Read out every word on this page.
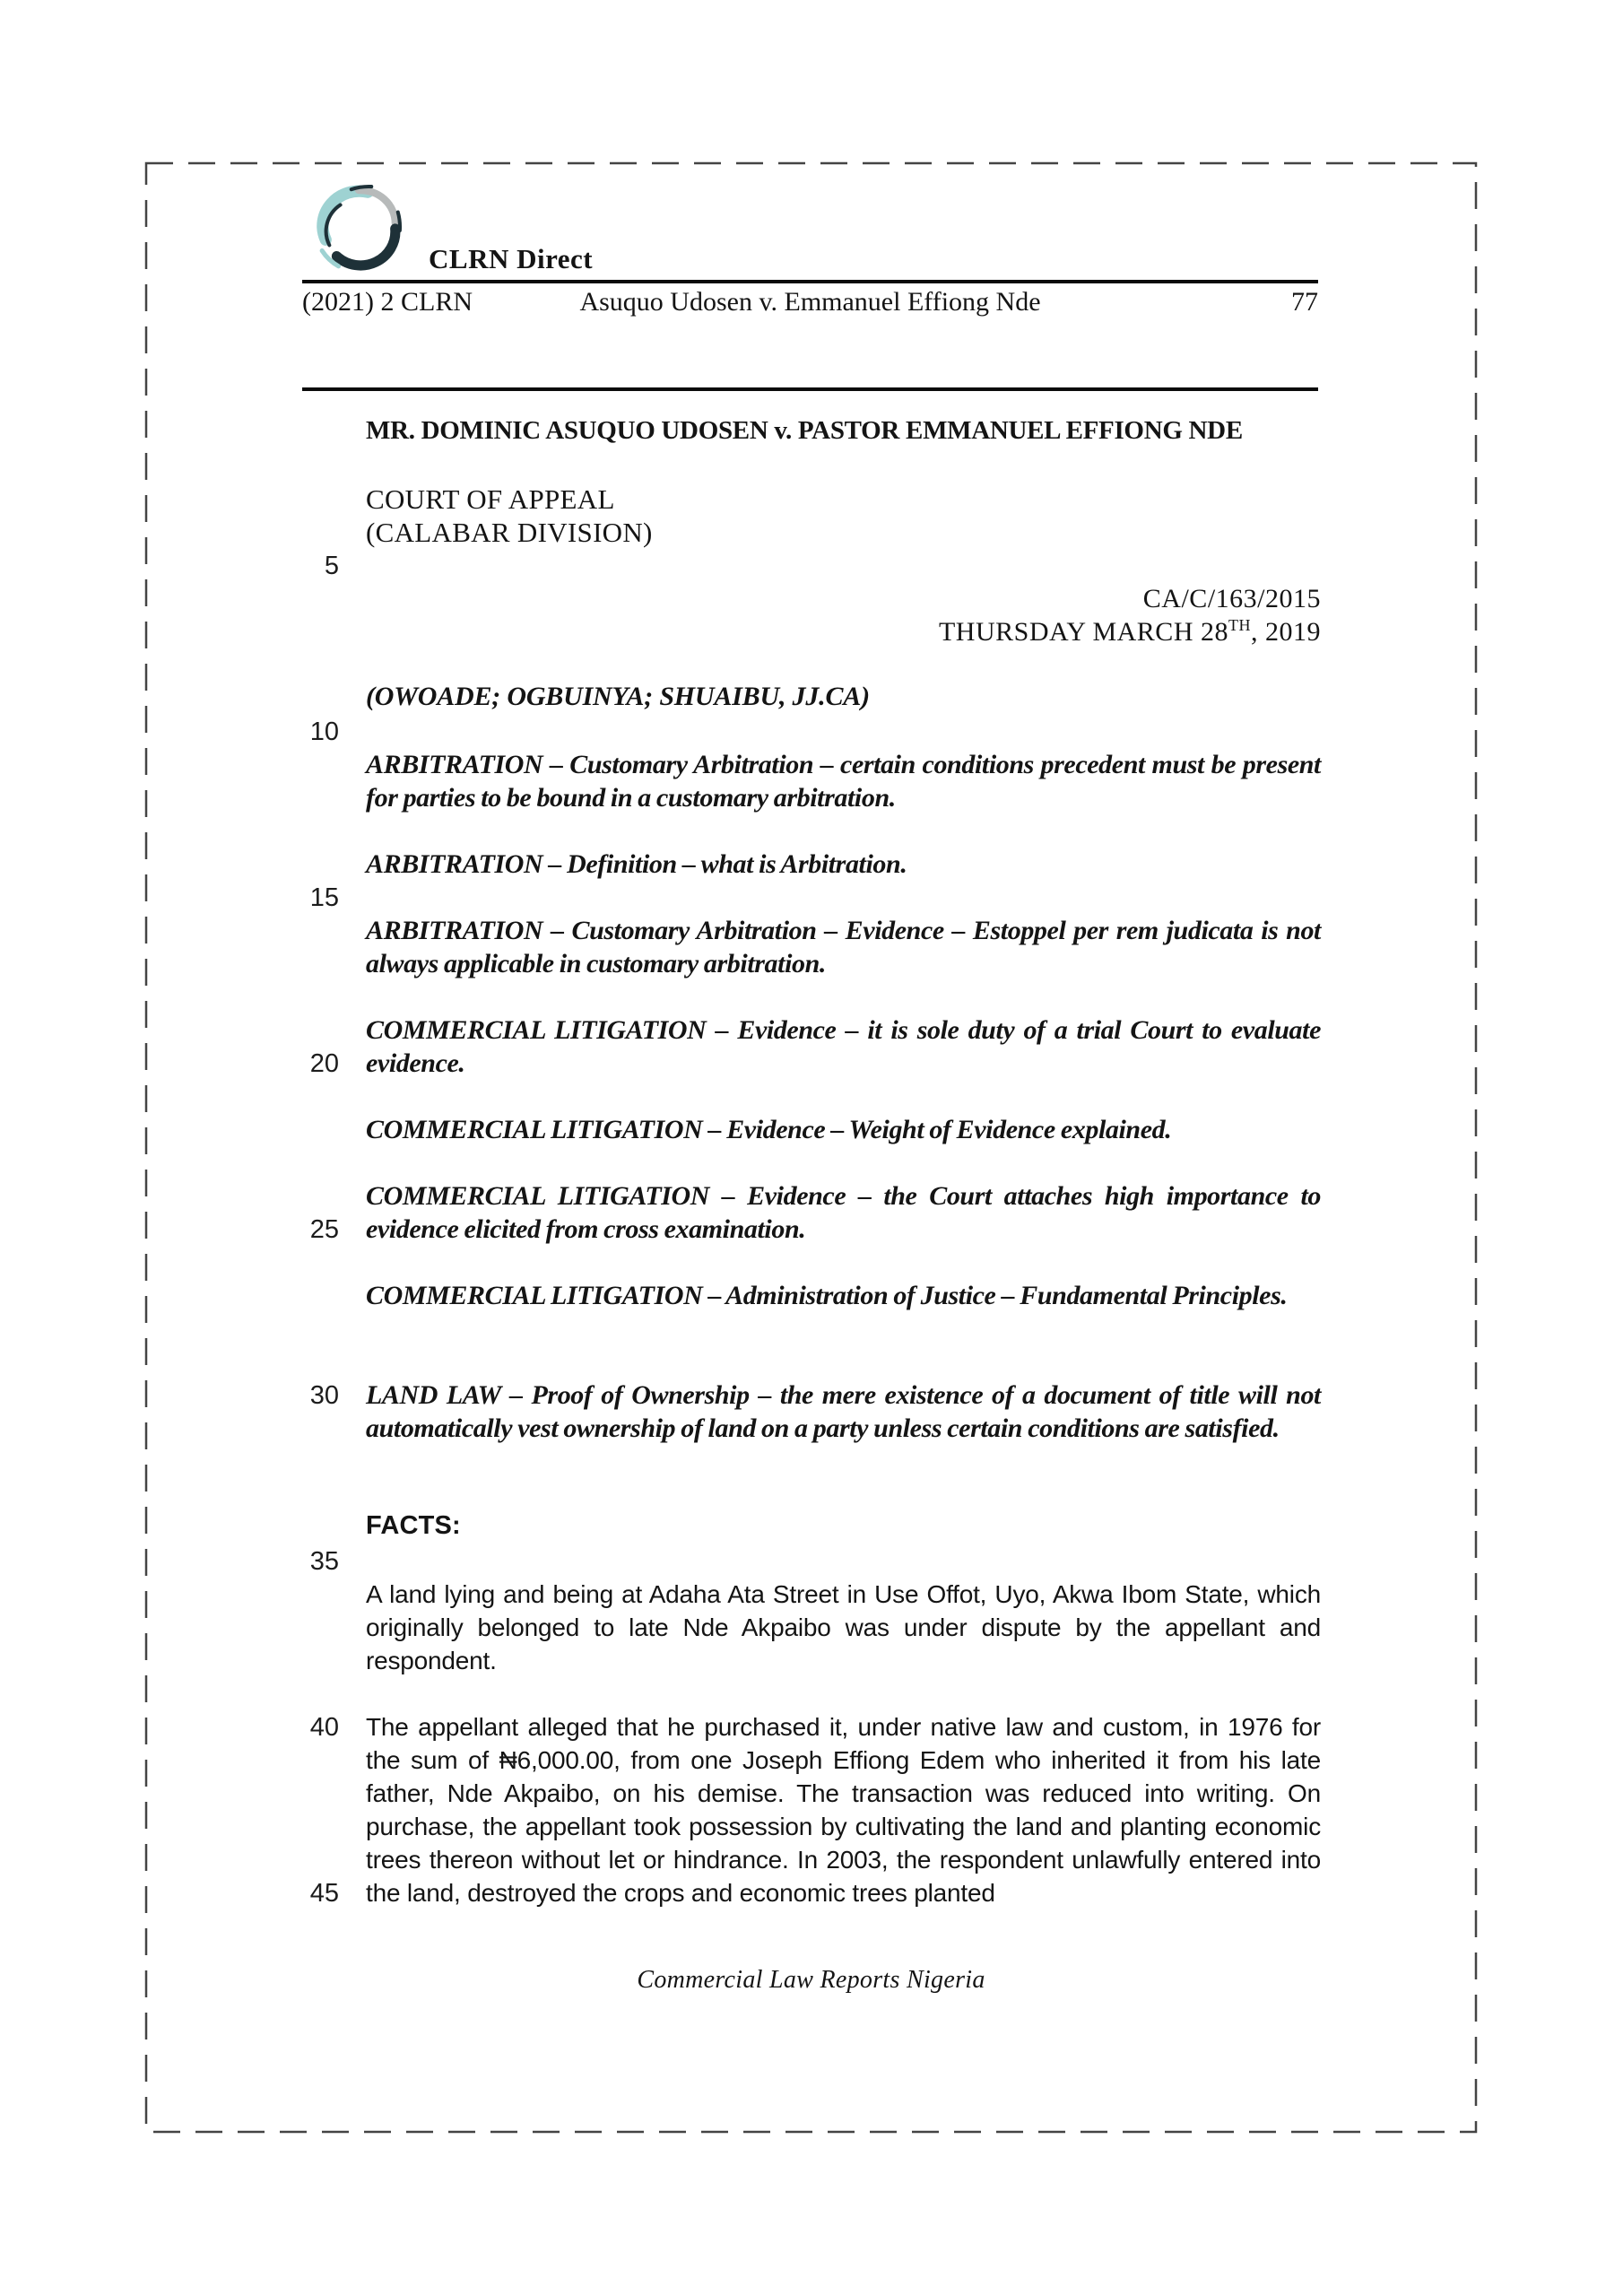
CLRN Direct
(2021) 2 CLRN	Asuquo Udosen v. Emmanuel Effiong Nde	77
MR. DOMINIC ASUQUO UDOSEN v. PASTOR EMMANUEL EFFIONG NDE
COURT OF APPEAL
(CALABAR DIVISION)
CA/C/163/2015
THURSDAY MARCH 28TH, 2019
(OWOADE; OGBUINYA; SHUAIBU, JJ.CA)
ARBITRATION – Customary Arbitration – certain conditions precedent must be present for parties to be bound in a customary arbitration.
ARBITRATION – Definition – what is Arbitration.
ARBITRATION – Customary Arbitration – Evidence – Estoppel per rem judicata is not always applicable in customary arbitration.
COMMERCIAL LITIGATION – Evidence – it is sole duty of a trial Court to evaluate evidence.
COMMERCIAL LITIGATION – Evidence – Weight of Evidence explained.
COMMERCIAL LITIGATION – Evidence – the Court attaches high importance to evidence elicited from cross examination.
COMMERCIAL LITIGATION – Administration of Justice – Fundamental Principles.
LAND LAW – Proof of Ownership – the mere existence of a document of title will not automatically vest ownership of land on a party unless certain conditions are satisfied.
FACTS:
A land lying and being at Adaha Ata Street in Use Offot, Uyo, Akwa Ibom State, which originally belonged to late Nde Akpaibo was under dispute by the appellant and respondent.
The appellant alleged that he purchased it, under native law and custom, in 1976 for the sum of ₦6,000.00, from one Joseph Effiong Edem who inherited it from his late father, Nde Akpaibo, on his demise. The transaction was reduced into writing. On purchase, the appellant took possession by cultivating the land and planting economic trees thereon without let or hindrance. In 2003, the respondent unlawfully entered into the land, destroyed the crops and economic trees planted
5
10
15
20
25
30
35
40
45
Commercial Law Reports Nigeria
